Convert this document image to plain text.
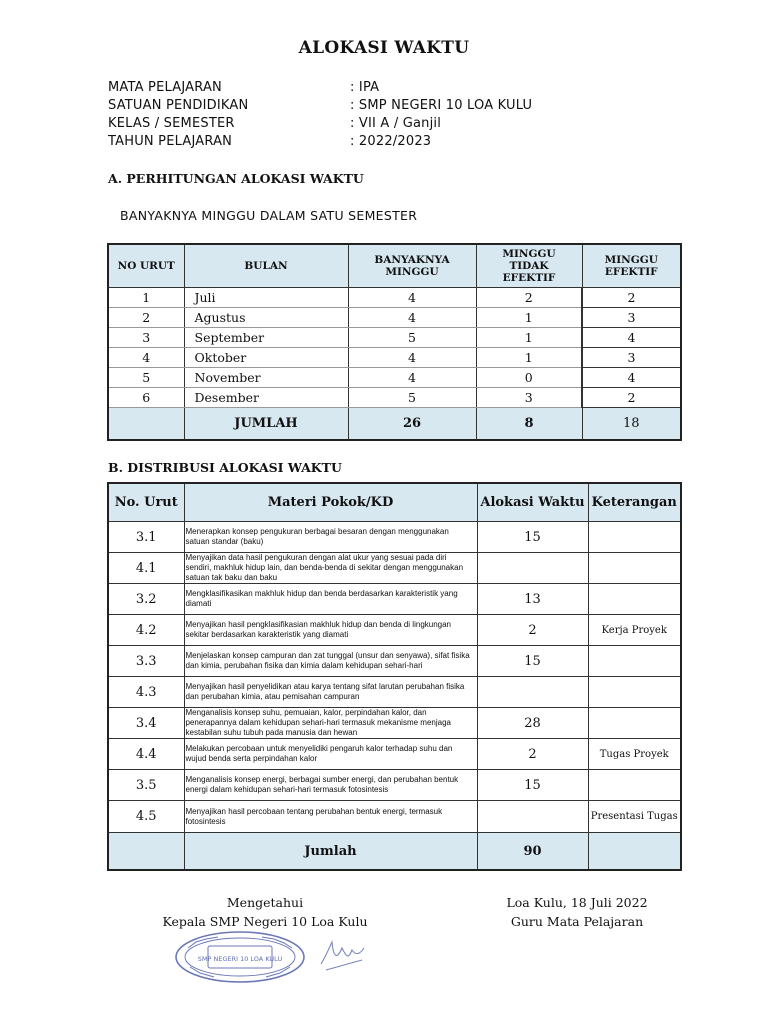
ALOKASI WAKTU
MATA PELAJARAN	: IPA
SATUAN PENDIDIKAN	: SMP NEGERI 10 LOA KULU
KELAS / SEMESTER	: VII A / Ganjil
TAHUN PELAJARAN	: 2022/2023
A. PERHITUNGAN ALOKASI WAKTU
BANYAKNYA MINGGU DALAM SATU SEMESTER
NO URUT	BULAN	BANYAKNYA MINGGU	MINGGU TIDAK EFEKTIF	MINGGU EFEKTIF
1	Juli	4	2	2
2	Agustus	4	1	3
3	September	5	1	4
4	Oktober	4	1	3
5	November	4	0	4
6	Desember	5	3	2
	JUMLAH	26	8	18
B. DISTRIBUSI ALOKASI WAKTU
No. Urut	Materi Pokok/KD	Alokasi Waktu	Keterangan
3.1	Menerapkan konsep pengukuran berbagai besaran dengan menggunakan satuan standar (baku)	15	
4.1	Menyajikan data hasil pengukuran dengan alat ukur yang sesuai pada diri sendiri, makhluk hidup lain, dan benda-benda di sekitar dengan menggunakan satuan tak baku dan baku		
3.2	Mengklasifikasikan makhluk hidup dan benda berdasarkan karakteristik yang diamati	13	
4.2	Menyajikan hasil pengklasifikasian makhluk hidup dan benda di lingkungan sekitar berdasarkan karakteristik yang diamati	2	Kerja Proyek
3.3	Menjelaskan konsep campuran dan zat tunggal (unsur dan senyawa), sifat fisika dan kimia, perubahan fisika dan kimia dalam kehidupan sehari-hari	15	
4.3	Menyajikan hasil penyelidikan atau karya tentang sifat larutan perubahan fisika dan perubahan kimia, atau pemisahan campuran		
3.4	Menganalisis konsep suhu, pemuaian, kalor, perpindahan kalor, dan penerapannya dalam kehidupan sehari-hari termasuk mekanisme menjaga kestabilan suhu tubuh pada manusia dan hewan	28	
4.4	Melakukan percobaan untuk menyelidiki pengaruh kalor terhadap suhu dan wujud benda serta perpindahan kalor	2	Tugas Proyek
3.5	Menganalisis konsep energi, berbagai sumber energi, dan perubahan bentuk energi dalam kehidupan sehari-hari termasuk fotosintesis	15	
4.5	Menyajikan hasil percobaan tentang perubahan bentuk energi, termasuk fotosintesis		Presentasi Tugas
	Jumlah	90	
Mengetahui
Kepala SMP Negeri 10 Loa Kulu
Loa Kulu, 18 Juli 2022
Guru Mata Pelajaran
SMP NEGERI 10 LOA KULU
